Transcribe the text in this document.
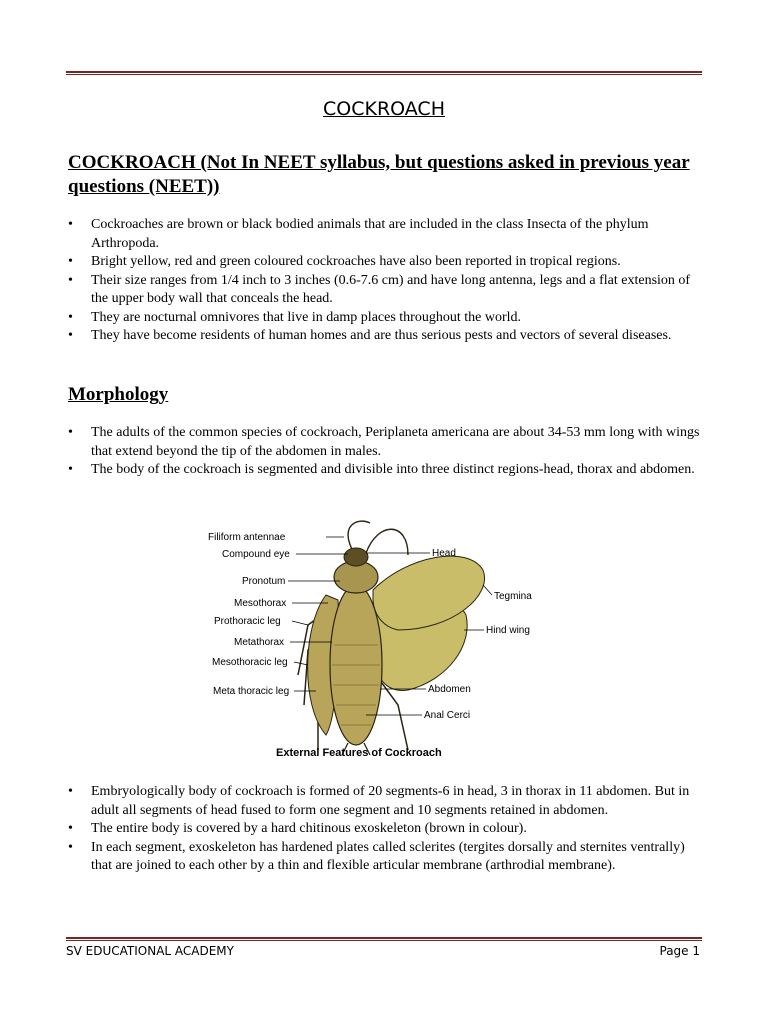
COCKROACH
COCKROACH (Not In NEET syllabus, but questions asked in previous year questions (NEET))
• Cockroaches are brown or black bodied animals that are included in the class Insecta of the phylum Arthropoda.
• Bright yellow, red and green coloured cockroaches have also been reported in tropical regions.
• Their size ranges from 1/4 inch to 3 inches (0.6-7.6 cm) and have long antenna, legs and a flat extension of the upper body wall that conceals the head.
• They are nocturnal omnivores that live in damp places throughout the world.
• They have become residents of human homes and are thus serious pests and vectors of several diseases.
Morphology
• The adults of the common species of cockroach, Periplaneta americana are about 34-53 mm long with wings that extend beyond the tip of the abdomen in males.
• The body of the cockroach is segmented and divisible into three distinct regions-head, thorax and abdomen.
Filiform antennae
Compound eye
Pronotum
Mesothorax
Prothoracic leg
Metathorax
Mesothoracic leg
Meta thoracic leg
Head
Tegmina
Hind wing
Abdomen
Anal Cerci
External Features of Cockroach
• Embryologically body of cockroach is formed of 20 segments-6 in head, 3 in thorax in 11 abdomen. But in adult all segments of head fused to form one segment and 10 segments retained in abdomen.
• The entire body is covered by a hard chitinous exoskeleton (brown in colour).
• In each segment, exoskeleton has hardened plates called sclerites (tergites dorsally and sternites ventrally) that are joined to each other by a thin and flexible articular membrane (arthrodial membrane).
SV EDUCATIONAL ACADEMY	Page 1
